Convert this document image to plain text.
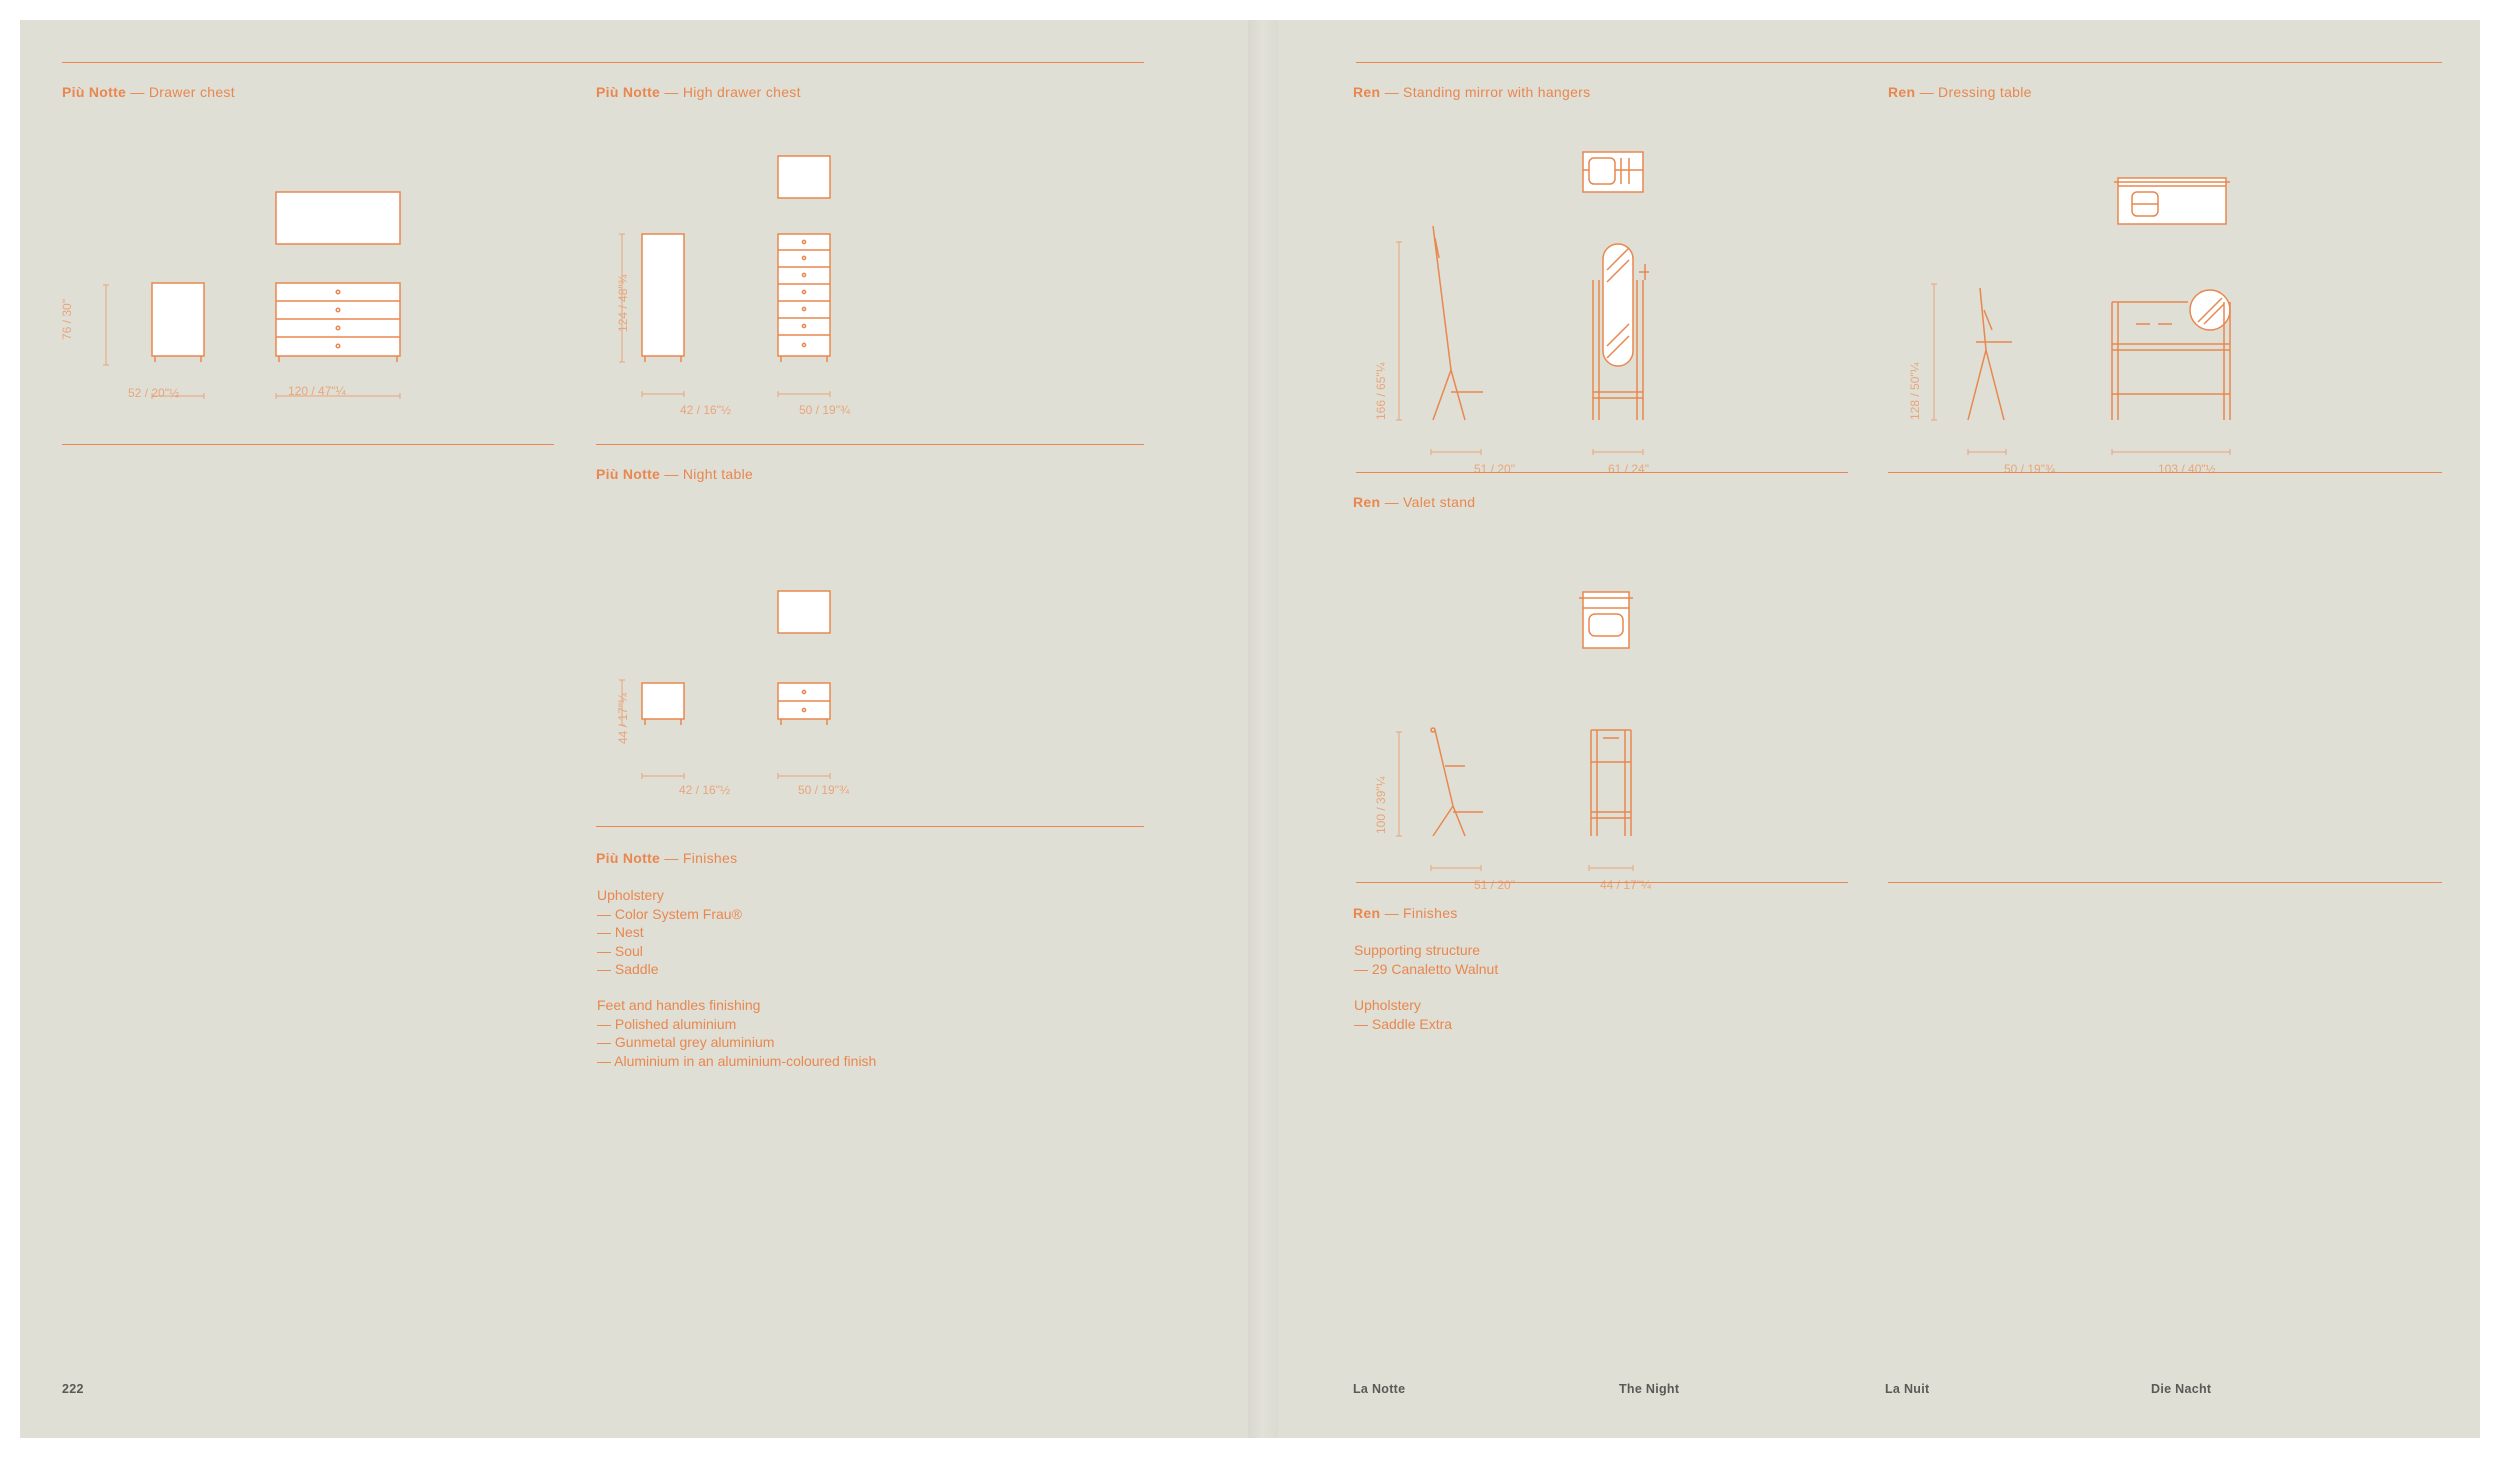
Più Notte — Drawer chest
76 / 30"
52 / 20"½	120 / 47"¼
Più Notte — High drawer chest
124 / 48"¾
42 / 16"½	50 / 19"¾
Più Notte — Night table
44 / 17"¼
42 / 16"½	50 / 19"¾
Più Notte — Finishes
Upholstery
— Color System Frau®
— Nest
— Soul
— Saddle
Feet and handles finishing
— Polished aluminium
— Gunmetal grey aluminium
— Aluminium in an aluminium-coloured finish
222
Ren — Standing mirror with hangers
166 / 65"¼
51 / 20"	61 / 24"
Ren — Dressing table
128 / 50"¼
50 / 19"¾	103 / 40"½
Ren — Valet stand
100 / 39"¼
51 / 20"	44 / 17"¼
Ren — Finishes
Supporting structure
— 29 Canaletto Walnut
Upholstery
— Saddle Extra
La Notte	The Night	La Nuit	Die Nacht
